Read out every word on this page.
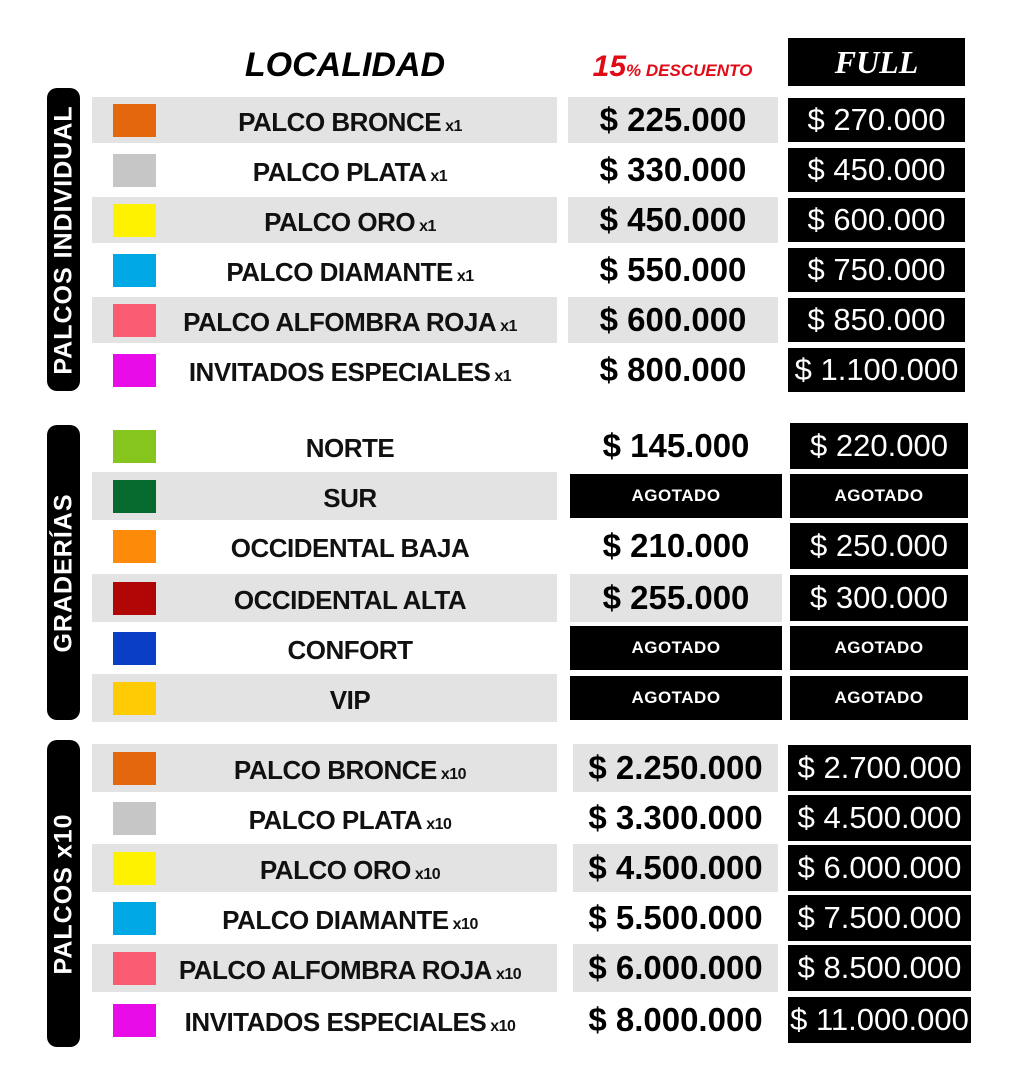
LOCALIDAD	15% DESCUENTO	FULL
PALCOS INDIVIDUAL	PALCO BRONCE x1	$ 225.000	$ 270.000
PALCO PLATA x1	$ 330.000	$ 450.000
PALCO ORO x1	$ 450.000	$ 600.000
PALCO DIAMANTE x1	$ 550.000	$ 750.000
PALCO ALFOMBRA ROJA x1	$ 600.000	$ 850.000
INVITADOS ESPECIALES x1	$ 800.000	$ 1.100.000
GRADERÍAS
NORTE	$ 145.000	$ 220.000
SUR	AGOTADO	AGOTADO
OCCIDENTAL BAJA	$ 210.000	$ 250.000
OCCIDENTAL ALTA	$ 255.000	$ 300.000
CONFORT	AGOTADO	AGOTADO
VIP	AGOTADO	AGOTADO
PALCOS x10
PALCO BRONCE x10	$ 2.250.000	$ 2.700.000
PALCO PLATA x10	$ 3.300.000	$ 4.500.000
PALCO ORO x10	$ 4.500.000	$ 6.000.000
PALCO DIAMANTE x10	$ 5.500.000	$ 7.500.000
PALCO ALFOMBRA ROJA x10	$ 6.000.000	$ 8.500.000
INVITADOS ESPECIALES x10	$ 8.000.000 $ 11.000.000
